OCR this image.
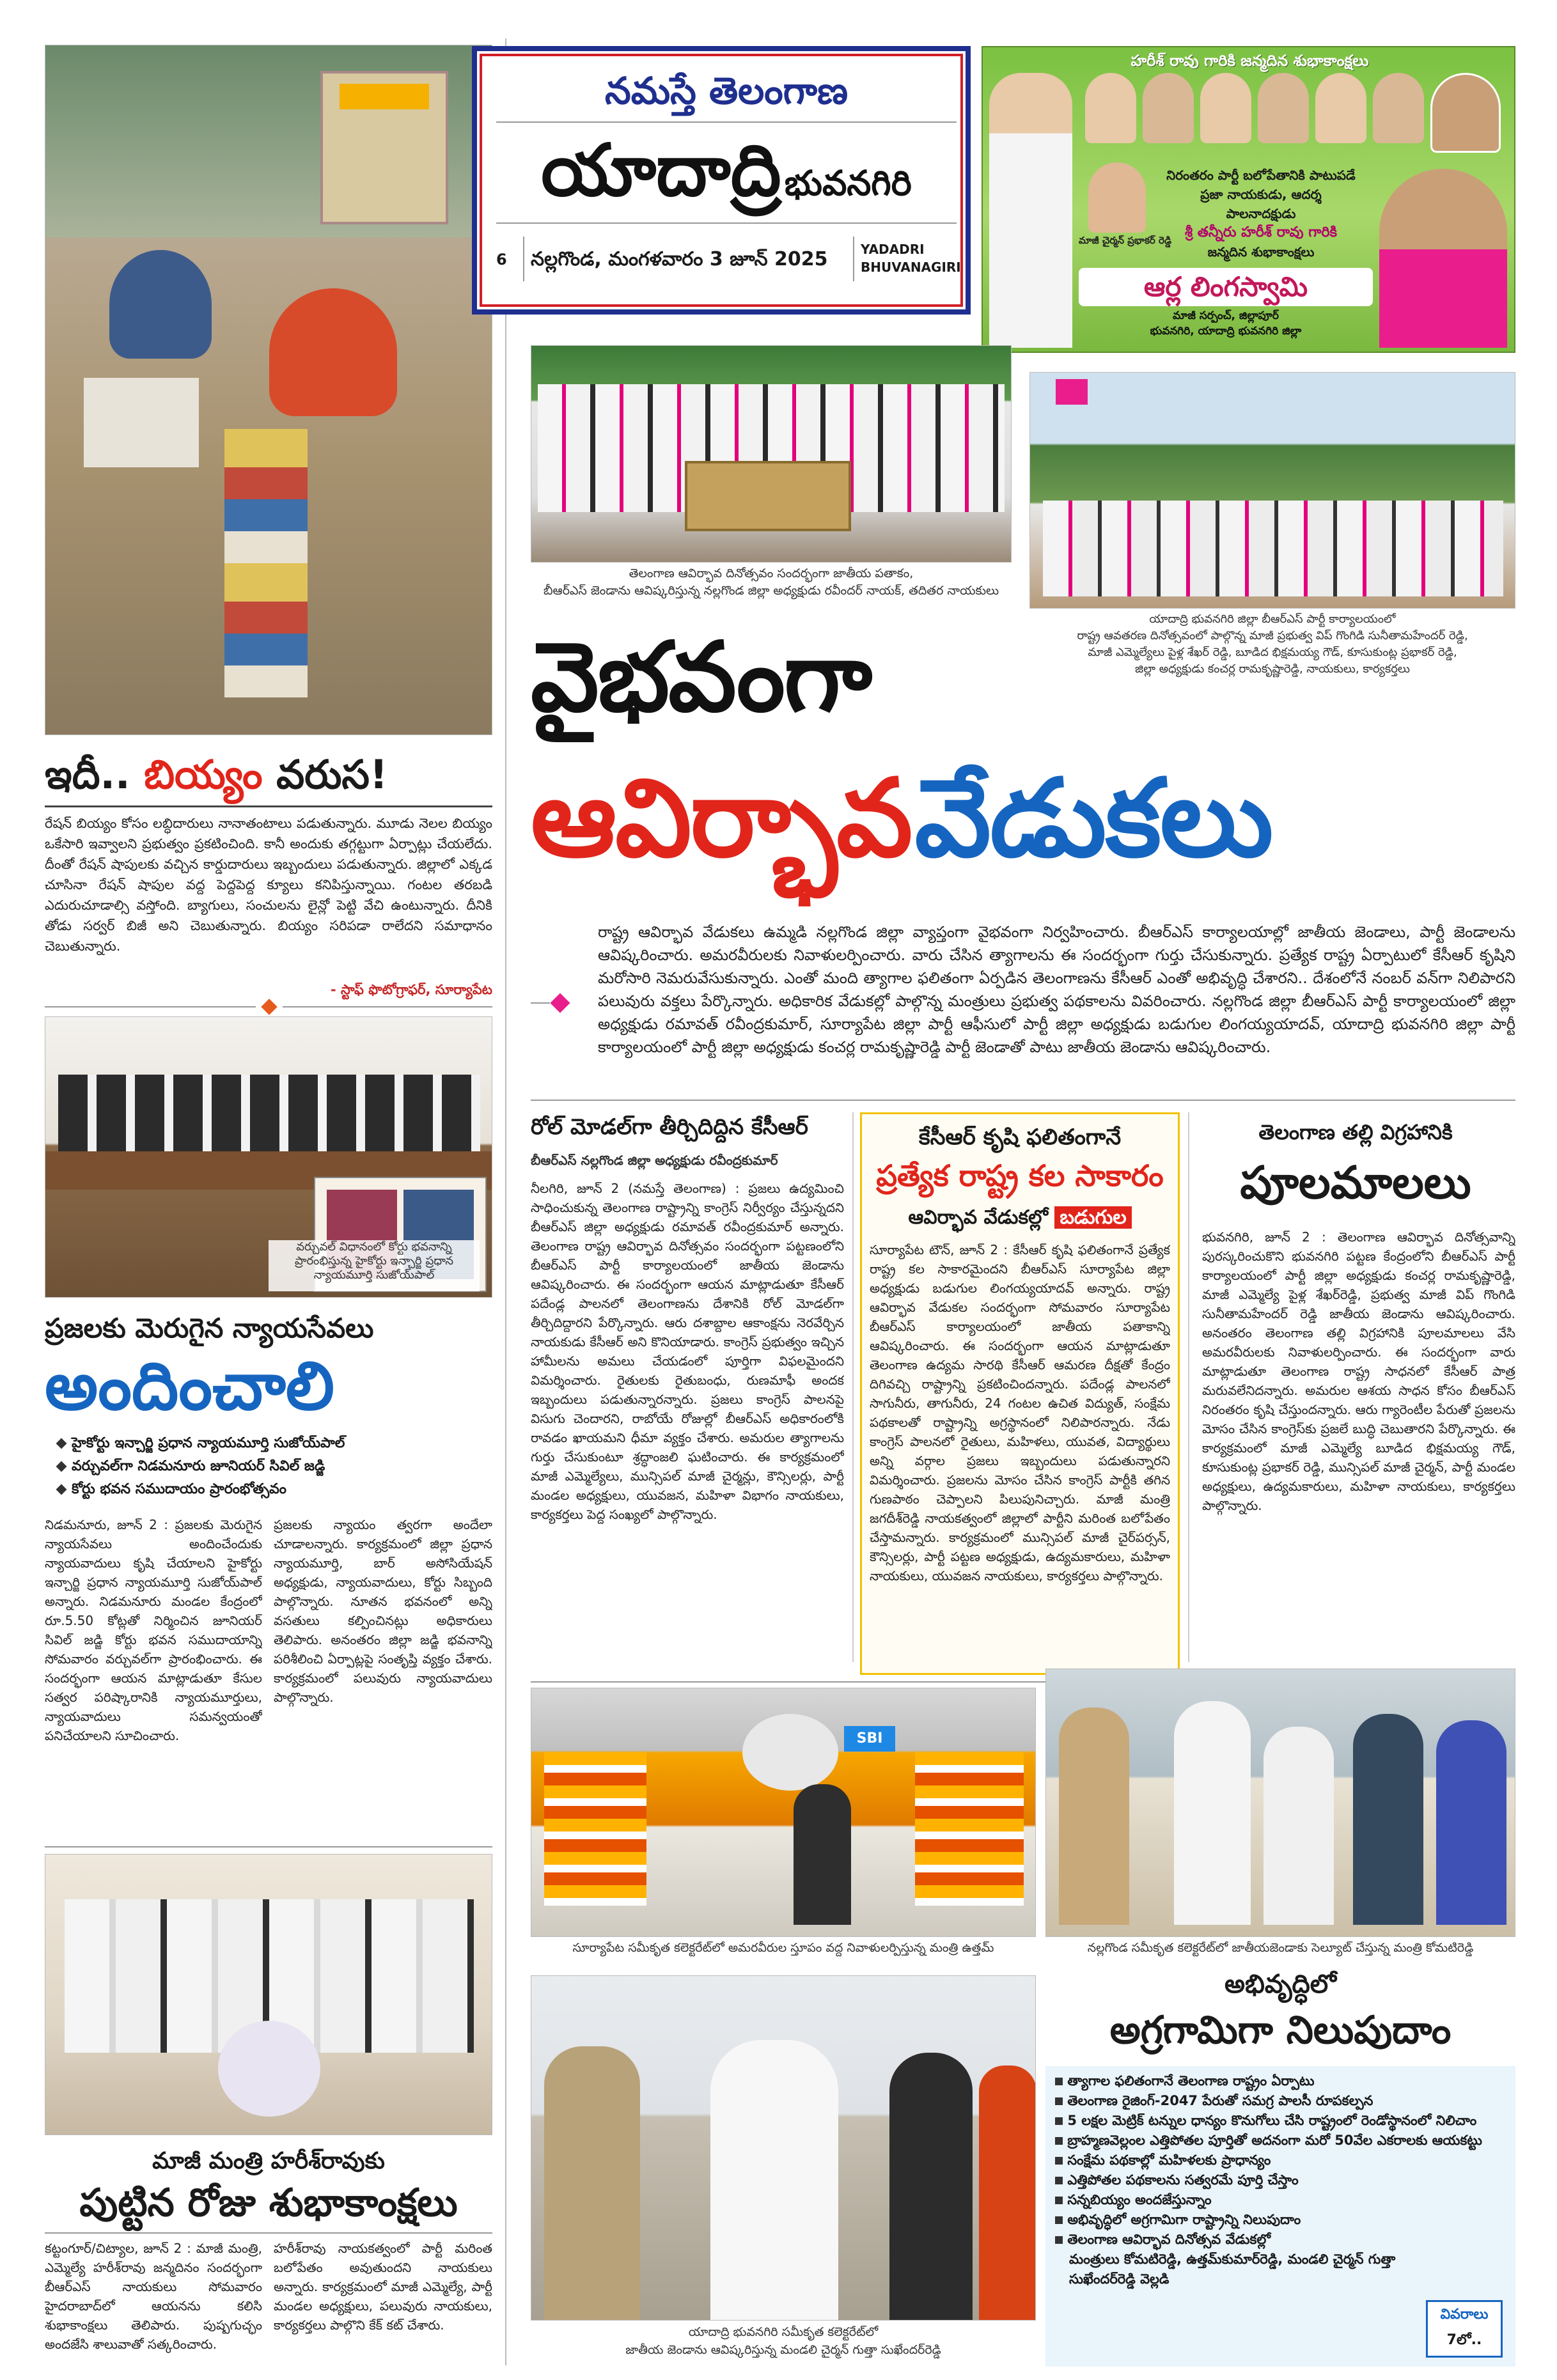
ఇదీ.. బియ్యం వరుస!
రేషన్ బియ్యం కోసం లబ్ధిదారులు నానాతంటాలు పడుతున్నారు. మూడు నెలల బియ్యం ఒకేసారి ఇవ్వాలని ప్రభుత్వం ప్రకటించింది. కానీ అందుకు తగ్గట్టుగా ఏర్పాట్లు చేయలేదు. దీంతో రేషన్ షాపులకు వచ్చిన కార్డుదారులు ఇబ్బందులు పడుతున్నారు. జిల్లాలో ఎక్కడ చూసినా రేషన్ షాపుల వద్ద పెద్దపెద్ద క్యూలు కనిపిస్తున్నాయి. గంటల తరబడి ఎదురుచూడాల్సి వస్తోంది. బ్యాగులు, సంచులను లైన్లో పెట్టి వేచి ఉంటున్నారు. దీనికి తోడు సర్వర్ బిజీ అని చెబుతున్నారు. బియ్యం సరిపడా రాలేదని సమాధానం చెబుతున్నారు.
- స్టాఫ్ ఫొటోగ్రాఫర్, సూర్యాపేట
వర్చువల్ విధానంలో కోర్టు భవనాన్ని ప్రారంభిస్తున్న హైకోర్టు ఇన్చార్జి ప్రధాన న్యాయమూర్తి సుజోయ్‌పాల్
ప్రజలకు మెరుగైన న్యాయసేవలు
అందించాలి
హైకోర్టు ఇన్చార్జి ప్రధాన న్యాయమూర్తి సుజోయ్‌పాల్
వర్చువల్‌గా నిడమనూరు జూనియర్ సివిల్ జడ్జి
కోర్టు భవన సముదాయం ప్రారంభోత్సవం
నిడమనూరు, జూన్ 2 : ప్రజలకు మెరుగైన న్యాయసేవలు అందించేందుకు న్యాయవాదులు కృషి చేయాలని హైకోర్టు ఇన్చార్జి ప్రధాన న్యాయమూర్తి సుజోయ్‌పాల్ అన్నారు. నిడమనూరు మండల కేంద్రంలో రూ.5.50 కోట్లతో నిర్మించిన జూనియర్ సివిల్ జడ్జి కోర్టు భవన సముదాయాన్ని సోమవారం వర్చువల్‌గా ప్రారంభించారు. ఈ సందర్భంగా ఆయన మాట్లాడుతూ కేసుల సత్వర పరిష్కారానికి న్యాయమూర్తులు, న్యాయవాదులు సమన్వయంతో పనిచేయాలని సూచించారు.
ప్రజలకు న్యాయం త్వరగా అందేలా చూడాలన్నారు. కార్యక్రమంలో జిల్లా ప్రధాన న్యాయమూర్తి, బార్ అసోసియేషన్ అధ్యక్షుడు, న్యాయవాదులు, కోర్టు సిబ్బంది పాల్గొన్నారు. నూతన భవనంలో అన్ని వసతులు కల్పించినట్లు అధికారులు తెలిపారు. అనంతరం జిల్లా జడ్జి భవనాన్ని పరిశీలించి ఏర్పాట్లపై సంతృప్తి వ్యక్తం చేశారు. కార్యక్రమంలో పలువురు న్యాయవాదులు పాల్గొన్నారు.
మాజీ మంత్రి హరీశ్‌రావుకు
పుట్టిన రోజు శుభాకాంక్షలు
కట్టంగూర్/చిట్యాల, జూన్ 2 : మాజీ మంత్రి, ఎమ్మెల్యే హరీశ్‌రావు జన్మదినం సందర్భంగా బీఆర్‌ఎస్ నాయకులు సోమవారం హైదరాబాద్‌లో ఆయనను కలిసి శుభాకాంక్షలు తెలిపారు. పుష్పగుచ్ఛం అందజేసి శాలువాతో సత్కరించారు.
హరీశ్‌రావు నాయకత్వంలో పార్టీ మరింత బలోపేతం అవుతుందని నాయకులు అన్నారు. కార్యక్రమంలో మాజీ ఎమ్మెల్యే, పార్టీ మండల అధ్యక్షులు, పలువురు నాయకులు, కార్యకర్తలు పాల్గొని కేక్ కట్ చేశారు.
నమస్తే తెలంగాణ
యాదాద్రి భువనగిరి
6	నల్లగొండ, మంగళవారం 3 జూన్ 2025	YADADRI
BHUVANAGIRI
హరీశ్ రావు గారికి జన్మదిన శుభాకాంక్షలు
మాజీ చైర్మన్ ప్రభాకర్ రెడ్డి
నిరంతరం పార్టీ బలోపేతానికి పాటుపడే
ప్రజా నాయకుడు, ఆదర్శ
పాలనాదక్షుడు
శ్రీ తన్నీరు హరీశ్ రావు గారికి
జన్మదిన శుభాకాంక్షలు
ఆర్ల లింగస్వామి
మాజీ సర్పంచ్, జిల్లాపూర్
భువనగిరి, యాదాద్రి భువనగిరి జిల్లా
తెలంగాణ ఆవిర్భావ దినోత్సవం సందర్భంగా జాతీయ పతాకం,
బీఆర్‌ఎస్ జెండాను ఆవిష్కరిస్తున్న నల్లగొండ జిల్లా అధ్యక్షుడు రవీందర్ నాయక్, తదితర నాయకులు
యాదాద్రి భువనగిరి జిల్లా బీఆర్‌ఎస్ పార్టీ కార్యాలయంలో
రాష్ట్ర ఆవతరణ దినోత్సవంలో పాల్గొన్న మాజీ ప్రభుత్వ విప్ గొంగిడి సునీతామహేందర్ రెడ్డి,
మాజీ ఎమ్మెల్యేలు పైళ్ల శేఖర్ రెడ్డి, బూడిద భిక్షమయ్య గౌడ్, కూసుకుంట్ల ప్రభాకర్ రెడ్డి,
జిల్లా అధ్యక్షుడు కంచర్ల రామకృష్ణారెడ్డి, నాయకులు, కార్యకర్తలు
వైభవంగా
ఆవిర్భావ వేడుకలు
రాష్ట్ర ఆవిర్భావ వేడుకలు ఉమ్మడి నల్లగొండ జిల్లా వ్యాప్తంగా వైభవంగా నిర్వహించారు. బీఆర్‌ఎస్ కార్యాలయాల్లో జాతీయ జెండాలు, పార్టీ జెండాలను ఆవిష్కరించారు. అమరవీరులకు నివాళులర్పించారు. వారు చేసిన త్యాగాలను ఈ సందర్భంగా గుర్తు చేసుకున్నారు. ప్రత్యేక రాష్ట్ర ఏర్పాటులో కేసీఆర్ కృషిని మరోసారి నెమరువేసుకున్నారు. ఎంతో మంది త్యాగాల ఫలితంగా ఏర్పడిన తెలంగాణను కేసీఆర్ ఎంతో అభివృద్ధి చేశారని.. దేశంలోనే నంబర్ వన్‌గా నిలిపారని పలువురు వక్తలు పేర్కొన్నారు. అధికారిక వేడుకల్లో పాల్గొన్న మంత్రులు ప్రభుత్వ పథకాలను వివరించారు. నల్లగొండ జిల్లా బీఆర్‌ఎస్ పార్టీ కార్యాలయంలో జిల్లా అధ్యక్షుడు రమావత్ రవీంద్రకుమార్, సూర్యాపేట జిల్లా పార్టీ ఆఫీసులో పార్టీ జిల్లా అధ్యక్షుడు బడుగుల లింగయ్యయాదవ్, యాదాద్రి భువనగిరి జిల్లా పార్టీ కార్యాలయంలో పార్టీ జిల్లా అధ్యక్షుడు కంచర్ల రామకృష్ణారెడ్డి పార్టీ జెండాతో పాటు జాతీయ జెండాను ఆవిష్కరించారు.
రోల్ మోడల్‌గా తీర్చిదిద్దిన కేసీఆర్
బీఆర్‌ఎస్ నల్లగొండ జిల్లా అధ్యక్షుడు రవీంద్రకుమార్
నీలగిరి, జూన్ 2 (నమస్తే తెలంగాణ) : ప్రజలు ఉద్యమించి సాధించుకున్న తెలంగాణ రాష్ట్రాన్ని కాంగ్రెస్ నిర్వీర్యం చేస్తున్నదని బీఆర్‌ఎస్ జిల్లా అధ్యక్షుడు రమావత్ రవీంద్రకుమార్ అన్నారు. తెలంగాణ రాష్ట్ర ఆవిర్భావ దినోత్సవం సందర్భంగా పట్టణంలోని బీఆర్‌ఎస్ పార్టీ కార్యాలయంలో జాతీయ జెండాను ఆవిష్కరించారు. ఈ సందర్భంగా ఆయన మాట్లాడుతూ కేసీఆర్ పదేండ్ల పాలనలో తెలంగాణను దేశానికి రోల్ మోడల్‌గా తీర్చిదిద్దారని పేర్కొన్నారు. ఆరు దశాబ్దాల ఆకాంక్షను నెరవేర్చిన నాయకుడు కేసీఆర్ అని కొనియాడారు. కాంగ్రెస్ ప్రభుత్వం ఇచ్చిన హామీలను అమలు చేయడంలో పూర్తిగా విఫలమైందని విమర్శించారు. రైతులకు రైతుబంధు, రుణమాఫీ అందక ఇబ్బందులు పడుతున్నారన్నారు. ప్రజలు కాంగ్రెస్ పాలనపై విసుగు చెందారని, రాబోయే రోజుల్లో బీఆర్‌ఎస్ అధికారంలోకి రావడం ఖాయమని ధీమా వ్యక్తం చేశారు. అమరుల త్యాగాలను గుర్తు చేసుకుంటూ శ్రద్ధాంజలి ఘటించారు. ఈ కార్యక్రమంలో మాజీ ఎమ్మెల్యేలు, మున్సిపల్ మాజీ చైర్మన్లు, కౌన్సిలర్లు, పార్టీ మండల అధ్యక్షులు, యువజన, మహిళా విభాగం నాయకులు, కార్యకర్తలు పెద్ద సంఖ్యలో పాల్గొన్నారు.
కేసీఆర్ కృషి ఫలితంగానే
ప్రత్యేక రాష్ట్ర కల సాకారం
ఆవిర్భావ వేడుకల్లో బడుగుల
సూర్యాపేట టౌన్, జూన్ 2 : కేసీఆర్ కృషి ఫలితంగానే ప్రత్యేక రాష్ట్ర కల సాకారమైందని బీఆర్‌ఎస్ సూర్యాపేట జిల్లా అధ్యక్షుడు బడుగుల లింగయ్యయాదవ్ అన్నారు. రాష్ట్ర ఆవిర్భావ వేడుకల సందర్భంగా సోమవారం సూర్యాపేట బీఆర్‌ఎస్ కార్యాలయంలో జాతీయ పతాకాన్ని ఆవిష్కరించారు. ఈ సందర్భంగా ఆయన మాట్లాడుతూ తెలంగాణ ఉద్యమ సారథి కేసీఆర్ ఆమరణ దీక్షతో కేంద్రం దిగివచ్చి రాష్ట్రాన్ని ప్రకటించిందన్నారు. పదేండ్ల పాలనలో సాగునీరు, తాగునీరు, 24 గంటల ఉచిత విద్యుత్, సంక్షేమ పథకాలతో రాష్ట్రాన్ని అగ్రస్థానంలో నిలిపారన్నారు. నేడు కాంగ్రెస్ పాలనలో రైతులు, మహిళలు, యువత, విద్యార్థులు అన్ని వర్గాల ప్రజలు ఇబ్బందులు పడుతున్నారని విమర్శించారు. ప్రజలను మోసం చేసిన కాంగ్రెస్ పార్టీకి తగిన గుణపాఠం చెప్పాలని పిలుపునిచ్చారు. మాజీ మంత్రి జగదీశ్‌రెడ్డి నాయకత్వంలో జిల్లాలో పార్టీని మరింత బలోపేతం చేస్తామన్నారు. కార్యక్రమంలో మున్సిపల్ మాజీ చైర్‌పర్సన్, కౌన్సిలర్లు, పార్టీ పట్టణ అధ్యక్షుడు, ఉద్యమకారులు, మహిళా నాయకులు, యువజన నాయకులు, కార్యకర్తలు పాల్గొన్నారు.
తెలంగాణ తల్లి విగ్రహానికి
పూలమాలలు
భువనగిరి, జూన్ 2 : తెలంగాణ ఆవిర్భావ దినోత్సవాన్ని పురస్కరించుకొని భువనగిరి పట్టణ కేంద్రంలోని బీఆర్‌ఎస్ పార్టీ కార్యాలయంలో పార్టీ జిల్లా అధ్యక్షుడు కంచర్ల రామకృష్ణారెడ్డి, మాజీ ఎమ్మెల్యే పైళ్ల శేఖర్‌రెడ్డి, ప్రభుత్వ మాజీ విప్ గొంగిడి సునీతామహేందర్ రెడ్డి జాతీయ జెండాను ఆవిష్కరించారు. అనంతరం తెలంగాణ తల్లి విగ్రహానికి పూలమాలలు వేసి అమరవీరులకు నివాళులర్పించారు. ఈ సందర్భంగా వారు మాట్లాడుతూ తెలంగాణ రాష్ట్ర సాధనలో కేసీఆర్ పాత్ర మరువలేనిదన్నారు. అమరుల ఆశయ సాధన కోసం బీఆర్‌ఎస్ నిరంతరం కృషి చేస్తుందన్నారు. ఆరు గ్యారెంటీల పేరుతో ప్రజలను మోసం చేసిన కాంగ్రెస్‌కు ప్రజలే బుద్ధి చెబుతారని పేర్కొన్నారు. ఈ కార్యక్రమంలో మాజీ ఎమ్మెల్యే బూడిద భిక్షమయ్య గౌడ్, కూసుకుంట్ల ప్రభాకర్ రెడ్డి, మున్సిపల్ మాజీ చైర్మన్, పార్టీ మండల అధ్యక్షులు, ఉద్యమకారులు, మహిళా నాయకులు, కార్యకర్తలు పాల్గొన్నారు.
సూర్యాపేట సమీకృత కలెక్టరేట్‌లో అమరవీరుల స్తూపం వద్ద నివాళులర్పిస్తున్న మంత్రి ఉత్తమ్	నల్లగొండ సమీకృత కలెక్టరేట్‌లో జాతీయజెండాకు సెల్యూట్ చేస్తున్న మంత్రి కోమటిరెడ్డి
యాదాద్రి భువనగిరి సమీకృత కలెక్టరేట్‌లో
జాతీయ జెండాను ఆవిష్కరిస్తున్న మండలి చైర్మన్ గుత్తా సుఖేందర్‌రెడ్డి
SBI
అభివృద్ధిలో
అగ్రగామిగా నిలుపుదాం
త్యాగాల ఫలితంగానే తెలంగాణ రాష్ట్రం ఏర్పాటు
తెలంగాణ రైజింగ్-2047 పేరుతో సమగ్ర పాలసీ రూపకల్పన
5 లక్షల మెట్రిక్ టన్నుల ధాన్యం కొనుగోలు చేసి రాష్ట్రంలో రెండోస్థానంలో నిలిచాం
బ్రాహ్మణవెల్లంల ఎత్తిపోతల పూర్తితో అదనంగా మరో 50వేల ఎకరాలకు ఆయకట్టు
సంక్షేమ పథకాల్లో మహిళలకు ప్రాధాన్యం
ఎత్తిపోతల పథకాలను సత్వరమే పూర్తి చేస్తాం
సన్నబియ్యం అందజేస్తున్నాం
అభివృద్ధిలో అగ్రగామిగా రాష్ట్రాన్ని నిలుపుదాం
తెలంగాణ ఆవిర్భావ దినోత్సవ వేడుకల్లో
మంత్రులు కోమటిరెడ్డి, ఉత్తమ్‌కుమార్‌రెడ్డి, మండలి చైర్మన్ గుత్తా
సుఖేందర్‌రెడ్డి వెల్లడి
వివరాలు
7లో..
